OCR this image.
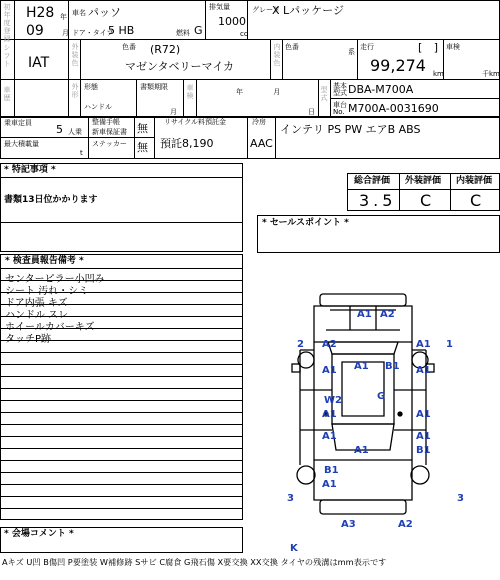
初年度登録 H28 年
09	月
車名 パッソ
ドア・タイプ
5 HB	燃料 G
排気量
1000
cc
グレード
X Lパッケージ
シフト IAT	外装色	色番 (R72)
マゼンタベリーマイカ	内装色 色番
系
走行	[ ]
99,274 km
車検
千km
車歴	外形 形態
ハンドル
書類期限
月
車検	年 月
日
型式 基本型式 DBA-M700A
車台No. M700A-0031690
乗車定員 5 人乗
最大積載量
t
整備手帳
新車保証書 無
ステッカー 無
リサイクル料預託金
預託8,190
冷房
AAC
インテリ PS PW エアB ABS
* 特記事項 *
書類13日位かかります
総合評価
3.5
外装評価
C
内装評価
C
* セールスポイント *
* 検査員報告備考 *
センターピラー小凹み
シート 汚れ・シミ
ドア内張 キズ
ハンドル スレ
ホイールカバーキズ
タッチP跡
* 会場コメント *
Aキズ U凹 B傷凹 P要塗装 W補修跡 Sサビ C腐食 G飛石傷 X要交換 XX交換 タイヤの残溝はmm表示です
A1 A2
2 A2	A1 1
A1 B1
A1	A1
W2	G
A1	A1
A1	A1
A1	B1
B1
A1
3	3
A3	A2
K
